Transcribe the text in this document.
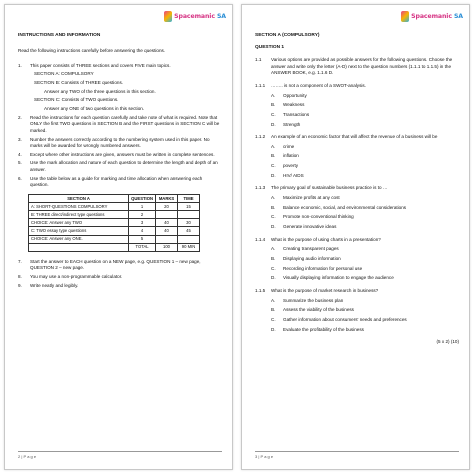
Spacemanic SA
INSTRUCTIONS AND INFORMATION
Read the following instructions carefully before answering the questions.
1.	This paper consists of THREE sections and covers FIVE main topics.
SECTION A: COMPULSORY
SECTION B: Consists of THREE questions.
Answer any TWO of the three questions in this section.
SECTION C: Consists of TWO questions.
Answer any ONE of two questions in this section.
2.	Read the instructions for each question carefully and take note of what is required. Note that ONLY the first TWO questions in SECTION B and the FIRST questions in SECTION C will be marked.
3.	Number the answers correctly according to the numbering system used in this paper. No marks will be awarded for wrongly numbered answers.
4.	Except where other instructions are given, answers must be written in complete sentences.
5.	Use the mark allocation and nature of each question to determine the length and depth of an answer.
6.	Use the table below as a guide for marking and time allocation when answering each question.
SECTION A	QUESTION	MARKS	TIME
A: SHORT-QUESTIONS COMPULSORY	1	20	15
B: THREE direct/indirect type questions	2		
CHOICE: Answer any TWO	3	40	30
C: TWO essay type questions	4	40	45
CHOICE: Answer any ONE.	5		
	TOTAL	100	90 MIN
7.	Start the answer to EACH question on a NEW page, e.g. QUESTION 1 – new page, QUESTION 2 – new page.
8.	You may use a non-programmable calculator.
9.	Write neatly and legibly.
2 | P a g e
Spacemanic SA
SECTION A (COMPULSORY)
QUESTION 1
1.1	Various options are provided as possible answers for the following questions. Choose the answer and write only the letter (A-D) next to the question numbers (1.1.1 to 1.1.5) in the ANSWER BOOK, e.g. 1.1.6 D.
1.1.1	…….. is not a component of a SWOT-analysis.
A.	Opportunity
B.	Weakness
C.	Transactions
D.	Strength
1.1.2	An example of an economic factor that will affect the revenue of a business will be
A.	crime
B.	inflation
C.	poverty
D.	HIV/ AIDS
1.1.3	The primary goal of sustainable business practice is to …
A.	Maximize profits at any cost
B.	Balance economic, social, and environmental considerations
C.	Promote non-conventional thinking
D.	Generate innovative ideas
1.1.4	What is the purpose of using charts in a presentation?
A.	Creating transparent pages
B.	Displaying audio information
C.	Recording information for personal use
D.	Visually displaying information to engage the audience
1.1.5	What is the purpose of market research in business?
A.	Summarize the business plan
B.	Assess the viability of the business
C.	Gather information about consumers' needs and preferences
D.	Evaluate the profitability of the business
(5 x 2) (10)
3 | P a g e
